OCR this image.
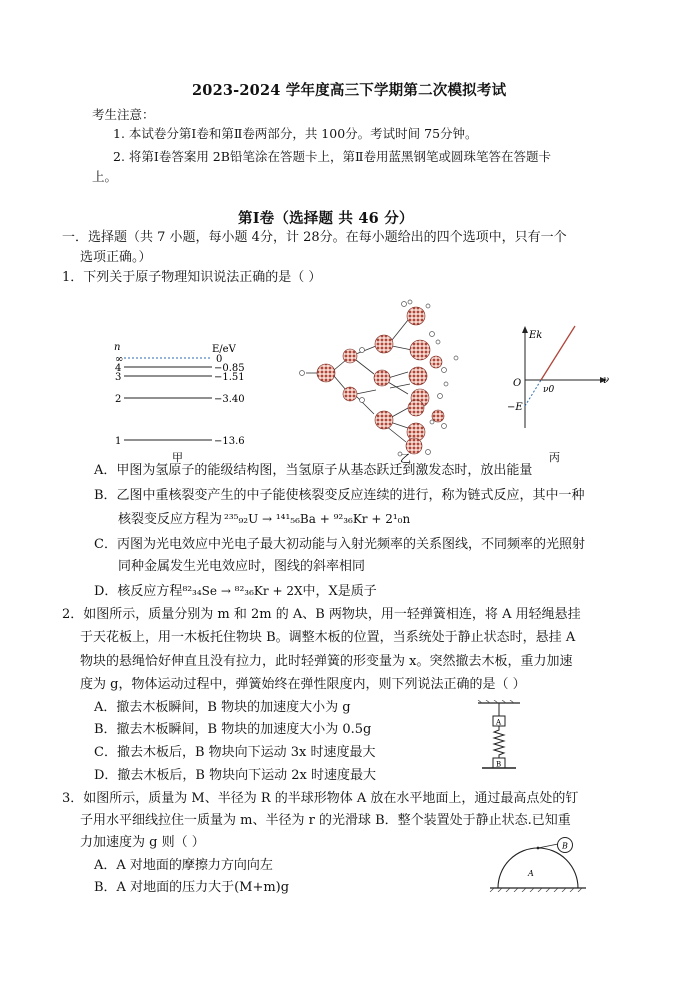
2023-2024 学年度高三下学期第二次模拟考试
考生注意：
1. 本试卷分第Ⅰ卷和第Ⅱ卷两部分，共 100分。考试时间 75分钟。
2. 将第Ⅰ卷答案用 2B铅笔涂在答题卡上，第Ⅱ卷用蓝黑钢笔或圆珠笔答在答题卡
上。
第Ⅰ卷（选择题 共 46 分）
一．选择题（共 7 小题，每小题 4分，计 28分。在每小题给出的四个选项中，只有一个
选项正确。）
1．下列关于原子物理知识说法正确的是（ ）
n	E/eV
∞
4
3
2
1
0
−0.85
−1.51
−3.40
−13.6
甲	乙
Ek
ν
O
ν0
−E
丙
A．甲图为氢原子的能级结构图，当氢原子从基态跃迁到激发态时，放出能量
B．乙图中重核裂变产生的中子能使核裂变反应连续的进行，称为链式反应，其中一种
核裂变反应方程为 ²³⁵₉₂U → ¹⁴¹₅₆Ba + ⁹²₃₆Kr + 2¹₀n
C．丙图为光电效应中光电子最大初动能与入射光频率的关系图线，不同频率的光照射
同种金属发生光电效应时，图线的斜率相同
D．核反应方程⁸²₃₄Se → ⁸²₃₆Kr + 2X中，X是质子
2．如图所示，质量分别为 m 和 2m 的 A、B 两物块，用一轻弹簧相连，将 A 用轻绳悬挂
于天花板上，用一木板托住物块 B。调整木板的位置，当系统处于静止状态时，悬挂 A
物块的悬绳恰好伸直且没有拉力，此时轻弹簧的形变量为 x。突然撤去木板，重力加速
度为 g，物体运动过程中，弹簧始终在弹性限度内，则下列说法正确的是（ ）
A．撤去木板瞬间，B 物块的加速度大小为 g
B．撤去木板瞬间，B 物块的加速度大小为 0.5g
C．撤去木板后，B 物块向下运动 3x 时速度最大
D．撤去木板后，B 物块向下运动 2x 时速度最大
A
B
3．如图所示，质量为 M、半径为 R 的半球形物体 A 放在水平地面上，通过最高点处的钉
子用水平细线拉住一质量为 m、半径为 r 的光滑球 B．整个装置处于静止状态.已知重
力加速度为 g 则（ ）
A．A 对地面的摩擦力方向向左
B．A 对地面的压力大于(M+m)g
B
A
